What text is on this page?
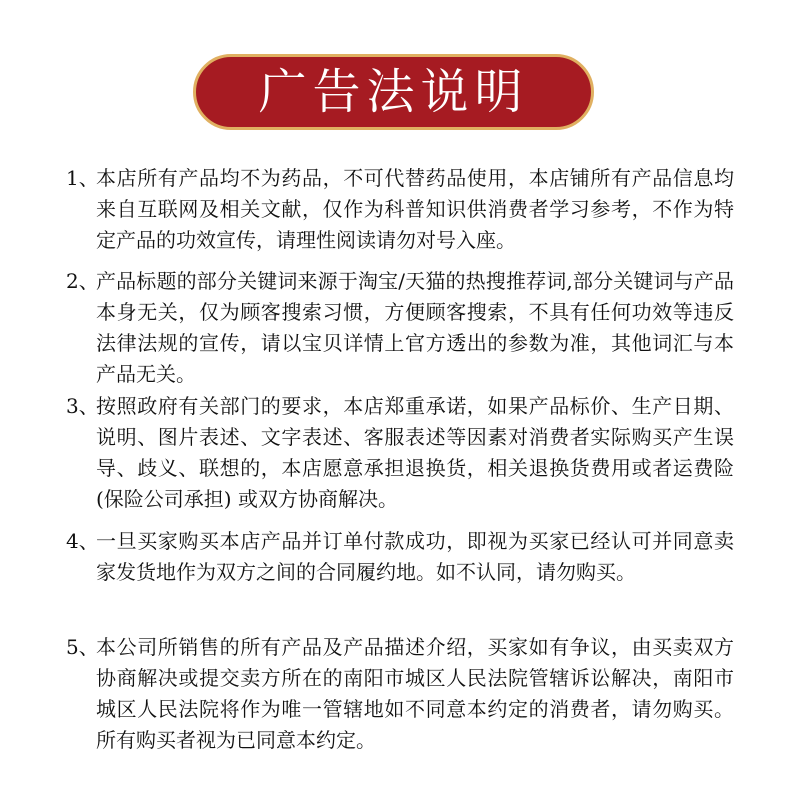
广告法说明
1、
本店所有产品均不为药品，不可代替药品使用，本店铺所有产品信息均来自互联网及相关文献，仅作为科普知识供消费者学习参考，不作为特定产品的功效宣传，请理性阅读请勿对号入座。
2、
产品标题的部分关键词来源于淘宝/天猫的热搜推荐词,部分关键词与产品本身无关，仅为顾客搜索习惯，方便顾客搜索，不具有任何功效等违反法律法规的宣传，请以宝贝详情上官方透出的参数为准，其他词汇与本产品无关。
3、
按照政府有关部门的要求，本店郑重承诺，如果产品标价、生产日期、说明、图片表述、文字表述、客服表述等因素对消费者实际购买产生误导、歧义、联想的，本店愿意承担退换货，相关退换货费用或者运费险(保险公司承担) 或双方协商解决。
4、
一旦买家购买本店产品并订单付款成功，即视为买家已经认可并同意卖家发货地作为双方之间的合同履约地。如不认同，请勿购买。
5、
本公司所销售的所有产品及产品描述介绍，买家如有争议，由买卖双方协商解决或提交卖方所在的南阳市城区人民法院管辖诉讼解决，南阳市城区人民法院将作为唯一管辖地如不同意本约定的消费者，请勿购买。所有购买者视为已同意本约定。
